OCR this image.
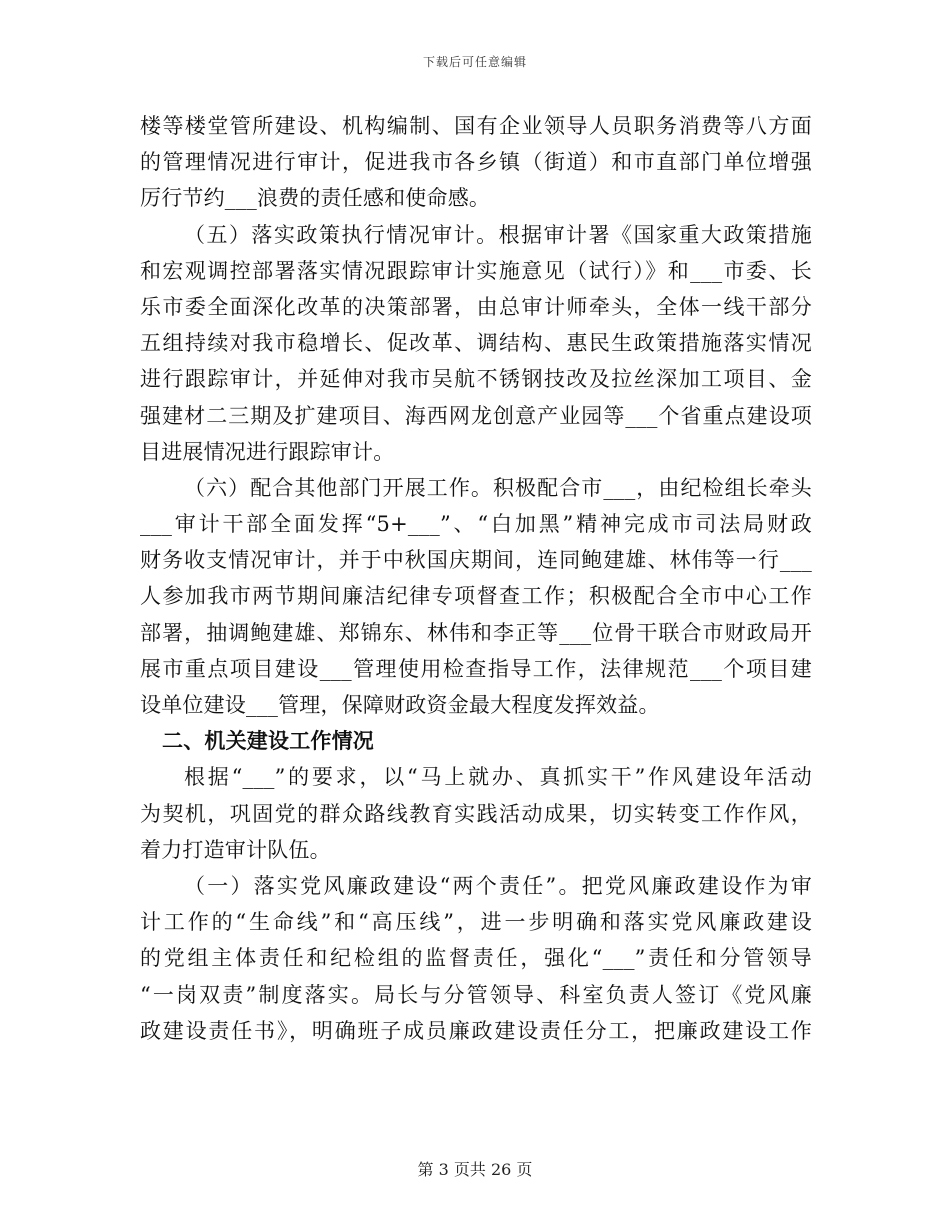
下载后可任意编辑
楼等楼堂管所建设、机构编制、国有企业领导人员职务消费等八方面
的管理情况进行审计，促进我市各乡镇（街道）和市直部门单位增强
厉行节约___浪费的责任感和使命感。
（五）落实政策执行情况审计。根据审计署《国家重大政策措施
和宏观调控部署落实情况跟踪审计实施意见（试行）》和___市委、长
乐市委全面深化改革的决策部署，由总审计师牵头，全体一线干部分
五组持续对我市稳增长、促改革、调结构、惠民生政策措施落实情况
进行跟踪审计，并延伸对我市吴航不锈钢技改及拉丝深加工项目、金
强建材二三期及扩建项目、海西网龙创意产业园等___个省重点建设项
目进展情况进行跟踪审计。
（六）配合其他部门开展工作。积极配合市___，由纪检组长牵头
___审计干部全面发挥“5+___”、“白加黑”精神完成市司法局财政
财务收支情况审计，并于中秋国庆期间，连同鲍建雄、林伟等一行___
人参加我市两节期间廉洁纪律专项督查工作；积极配合全市中心工作
部署，抽调鲍建雄、郑锦东、林伟和李正等___位骨干联合市财政局开
展市重点项目建设___管理使用检查指导工作，法律规范___个项目建
设单位建设___管理，保障财政资金最大程度发挥效益。
二、机关建设工作情况
根据“___”的要求，以“马上就办、真抓实干”作风建设年活动
为契机，巩固党的群众路线教育实践活动成果，切实转变工作作风，
着力打造审计队伍。
（一）落实党风廉政建设“两个责任”。把党风廉政建设作为审
计工作的“生命线”和“高压线”，进一步明确和落实党风廉政建设
的党组主体责任和纪检组的监督责任，强化“___”责任和分管领导
“一岗双责”制度落实。局长与分管领导、科室负责人签订《党风廉
政建设责任书》，明确班子成员廉政建设责任分工，把廉政建设工作
第 3 页共 26 页
